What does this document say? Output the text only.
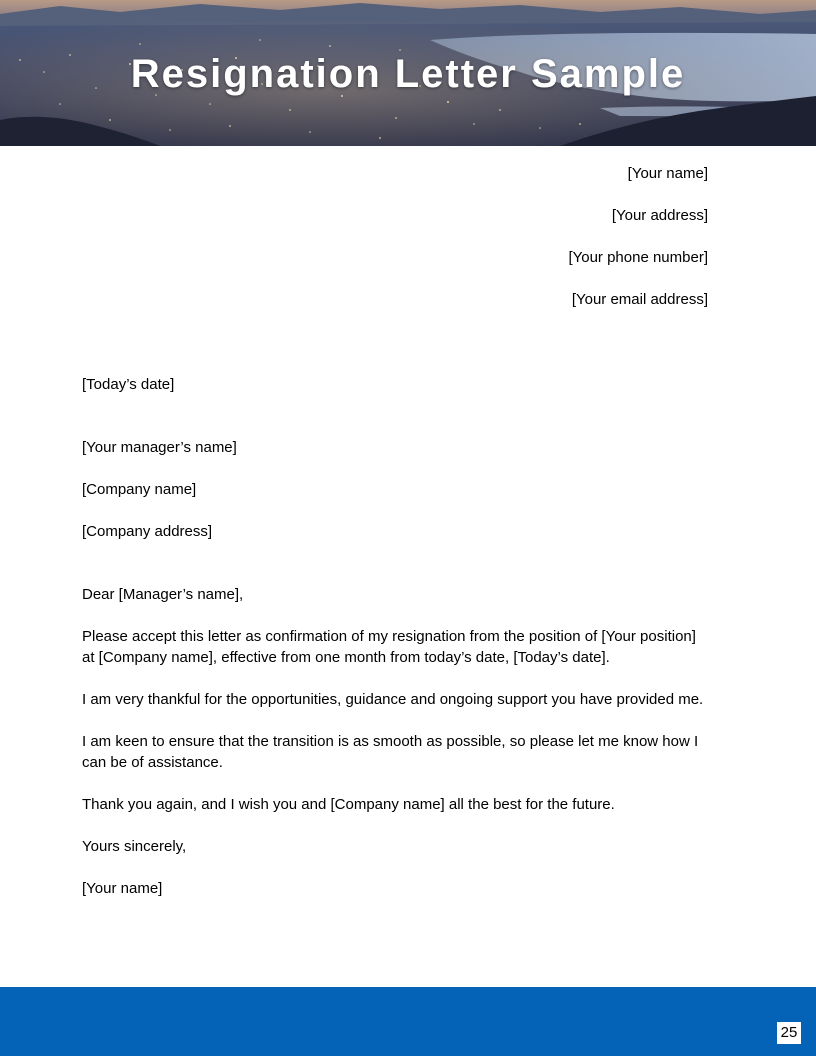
Resignation Letter Sample
[Your name]
[Your address]
[Your phone number]
[Your email address]
[Today’s date]
[Your manager’s name]
[Company name]
[Company address]

Dear [Manager’s name],

Please accept this letter as confirmation of my resignation from the position of [Your position] at [Company name], effective from one month from today’s date, [Today’s date].

I am very thankful for the opportunities, guidance and ongoing support you have provided me.

I am keen to ensure that the transition is as smooth as possible, so please let me know how I can be of assistance.

Thank you again, and I wish you and [Company name] all the best for the future.

Yours sincerely,

[Your name]

25
